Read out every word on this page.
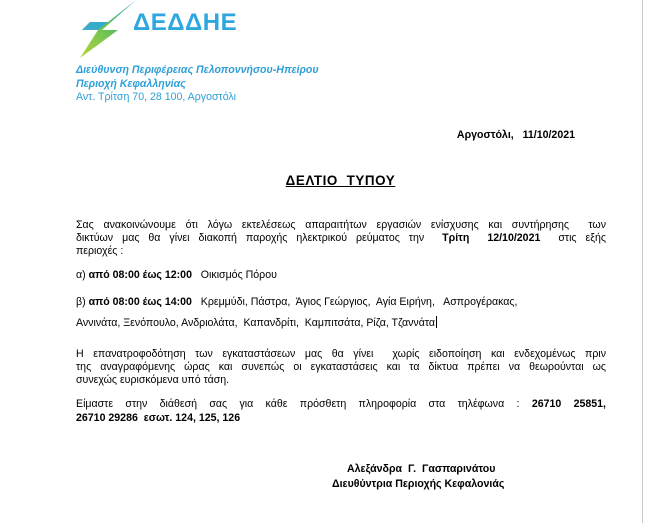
ΔΕΔΔΗΕ
Διεύθυνση Περιφέρειας Πελοποννήσου-Ηπείρου
Περιοχή Κεφαλληνίας
Αντ. Τρίτση 70, 28 100, Αργοστόλι
Αργοστόλι, 11/10/2021
ΔΕΛΤΙΟ  ΤΥΠΟΥ
Σας ανακοινώνουμε ότι λόγω εκτελέσεως απαραιτήτων εργασιών ενίσχυσης και συντήρησης  των
δικτύων μας θα γίνει διακοπή παροχής ηλεκτρικού ρεύματος την  Τρίτη  12/10/2021  στις εξής
περιοχές :
α) από 08:00 έως 12:00   Οικισμός Πόρου
β) από 08:00 έως 14:00   Κρεμμύδι, Πάστρα,  Άγιος Γεώργιος,  Αγία Ειρήνη,   Ασπρογέρακας,
Αννινάτα, Ξενόπουλο, Ανδριολάτα,  Καπανδρίτι,  Καμπιτσάτα, Ρίζα, Τζαννάτα
Η επανατροφοδότηση των εγκαταστάσεων μας θα γίνει  χωρίς ειδοποίηση και ενδεχομένως πριν
της αναγραφόμενης ώρας και συνεπώς οι εγκαταστάσεις και τα δίκτυα πρέπει να θεωρούνται ως
συνεχώς ευρισκόμενα υπό τάση.
Είμαστε στην διάθεσή σας για κάθε πρόσθετη πληροφορία στα τηλέφωνα : 26710 25851,
26710 29286  εσωτ. 124, 125, 126
Αλεξάνδρα  Γ.  Γασπαρινάτου
Διευθύντρια Περιοχής Κεφαλονιάς
